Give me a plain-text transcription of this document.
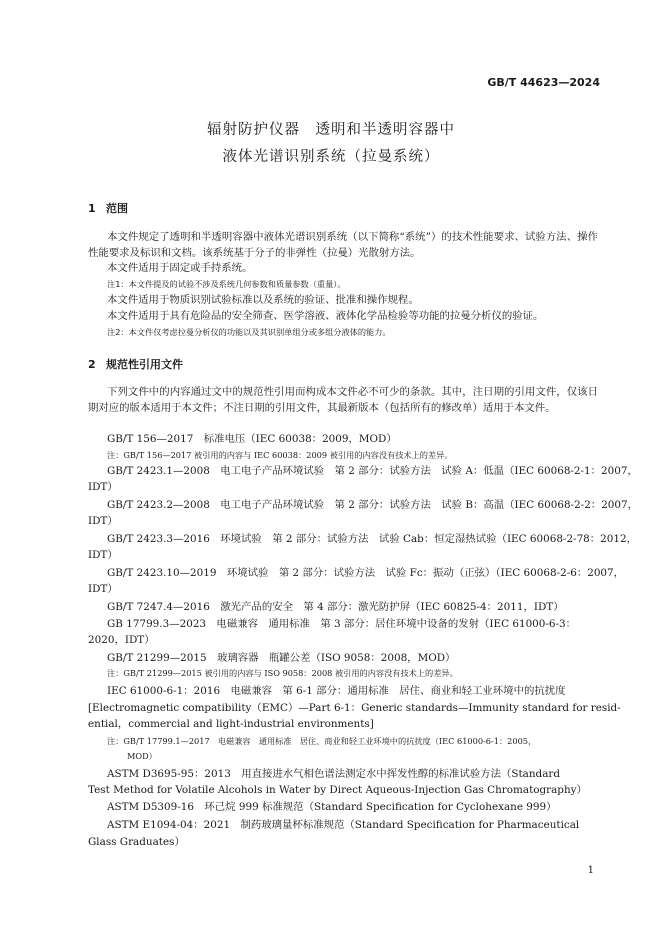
GB/T 44623—2024
辐射防护仪器　透明和半透明容器中
液体光谱识别系统（拉曼系统）
1 范围
本文件规定了透明和半透明容器中液体光谱识别系统（以下简称“系统”）的技术性能要求、试验方法、操作性能要求及标识和文档。该系统基于分子的非弹性（拉曼）光散射方法。
本文件适用于固定或手持系统。
注1：本文件提及的试验不涉及系统几何参数和质量参数（重量）。
本文件适用于物质识别试验标准以及系统的验证、批准和操作规程。
本文件适用于具有危险品的安全筛查、医学溶液、液体化学品检验等功能的拉曼分析仪的验证。
注2：本文件仅考虑拉曼分析仪的功能以及其识别单组分或多组分液体的能力。
2 规范性引用文件
下列文件中的内容通过文中的规范性引用而构成本文件必不可少的条款。其中，注日期的引用文件，仅该日期对应的版本适用于本文件；不注日期的引用文件，其最新版本（包括所有的修改单）适用于本文件。
GB/T 156—2017　标准电压（IEC 60038：2009，MOD）
注：GB/T 156—2017 被引用的内容与 IEC 60038：2009 被引用的内容没有技术上的差异。
GB/T 2423.1—2008　电工电子产品环境试验　第 2 部分：试验方法　试验 A：低温（IEC 60068-2-1：2007，
IDT）
GB/T 2423.2—2008　电工电子产品环境试验　第 2 部分：试验方法　试验 B：高温（IEC 60068-2-2：2007，
IDT）
GB/T 2423.3—2016　环境试验　第 2 部分：试验方法　试验 Cab：恒定湿热试验（IEC 60068-2-78：2012，
IDT）
GB/T 2423.10—2019　环境试验　第 2 部分：试验方法　试验 Fc：振动（正弦）（IEC 60068-2-6：2007，
IDT）
GB/T 7247.4—2016　激光产品的安全　第 4 部分：激光防护屏（IEC 60825-4：2011，IDT）
GB 17799.3—2023　电磁兼容　通用标准　第 3 部分：居住环境中设备的发射（IEC 61000-6-3：
2020，IDT）
GB/T 21299—2015　玻璃容器　瓶罐公差（ISO 9058：2008，MOD）
注：GB/T 21299—2015 被引用的内容与 ISO 9058：2008 被引用的内容没有技术上的差异。
IEC 61000-6-1：2016　电磁兼容　第 6-1 部分：通用标准　居住、商业和轻工业环境中的抗扰度
[Electromagnetic compatibility（EMC）—Part 6-1：Generic standards—Immunity standard for resid-
ential，commercial and light-industrial environments]
注：GB/T 17799.1—2017　电磁兼容　通用标准　居住、商业和轻工业环境中的抗扰度（IEC 61000-6-1：2005，
MOD）
ASTM D3695-95：2013　用直接进水气相色谱法测定水中挥发性醇的标准试验方法（Standard
Test Method for Volatile Alcohols in Water by Direct Aqueous-Injection Gas Chromatography）
ASTM D5309-16　环己烷 999 标准规范（Standard Specification for Cyclohexane 999）
ASTM E1094-04：2021　制药玻璃量杯标准规范（Standard Specification for Pharmaceutical
Glass Graduates）
1
